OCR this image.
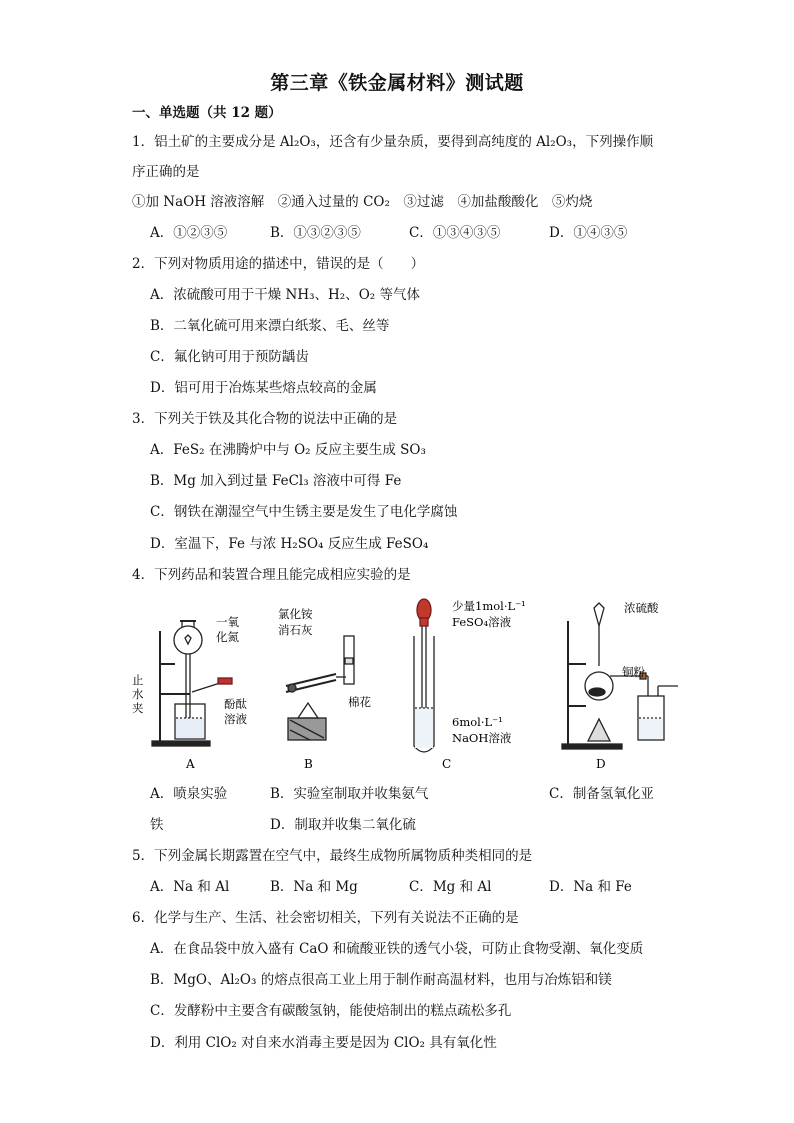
第三章《铁金属材料》测试题
一、单选题（共 12 题）
1．铝土矿的主要成分是 Al₂O₃，还含有少量杂质，要得到高纯度的 Al₂O₃，下列操作顺
序正确的是
①加 NaOH 溶液溶解　②通入过量的 CO₂　③过滤　④加盐酸酸化　⑤灼烧
A．①②③⑤	B．①③②③⑤	C．①③④③⑤	D．①④③⑤
2．下列对物质用途的描述中，错误的是（　　）
A．浓硫酸可用于干燥 NH₃、H₂、O₂ 等气体
B．二氧化硫可用来漂白纸浆、毛、丝等
C．氟化钠可用于预防龋齿
D．铝可用于冶炼某些熔点较高的金属
3．下列关于铁及其化合物的说法中正确的是
A．FeS₂ 在沸腾炉中与 O₂ 反应主要生成 SO₃
B．Mg 加入到过量 FeCl₃ 溶液中可得 Fe
C．钢铁在潮湿空气中生锈主要是发生了电化学腐蚀
D．室温下，Fe 与浓 H₂SO₄ 反应生成 FeSO₄
4．下列药品和装置合理且能完成相应实验的是
一氧
化氮
止
水
夹	酚酞
溶液
A
氯化铵
消石灰
棉花
B
少量1mol·L⁻¹
FeSO₄溶液
6mol·L⁻¹
NaOH溶液
C
浓硫酸
铜粉
D
A．喷泉实验	B．实验室制取并收集氨气	C．制备氢氧化亚
铁	D．制取并收集二氧化硫
5．下列金属长期露置在空气中，最终生成物所属物质种类相同的是
A．Na 和 Al	B．Na 和 Mg	C．Mg 和 Al	D．Na 和 Fe
6．化学与生产、生活、社会密切相关，下列有关说法不正确的是
A．在食品袋中放入盛有 CaO 和硫酸亚铁的透气小袋，可防止食物受潮、氧化变质
B．MgO、Al₂O₃ 的熔点很高工业上用于制作耐高温材料，也用与冶炼铝和镁
C．发酵粉中主要含有碳酸氢钠，能使焙制出的糕点疏松多孔
D．利用 ClO₂ 对自来水消毒主要是因为 ClO₂ 具有氧化性
